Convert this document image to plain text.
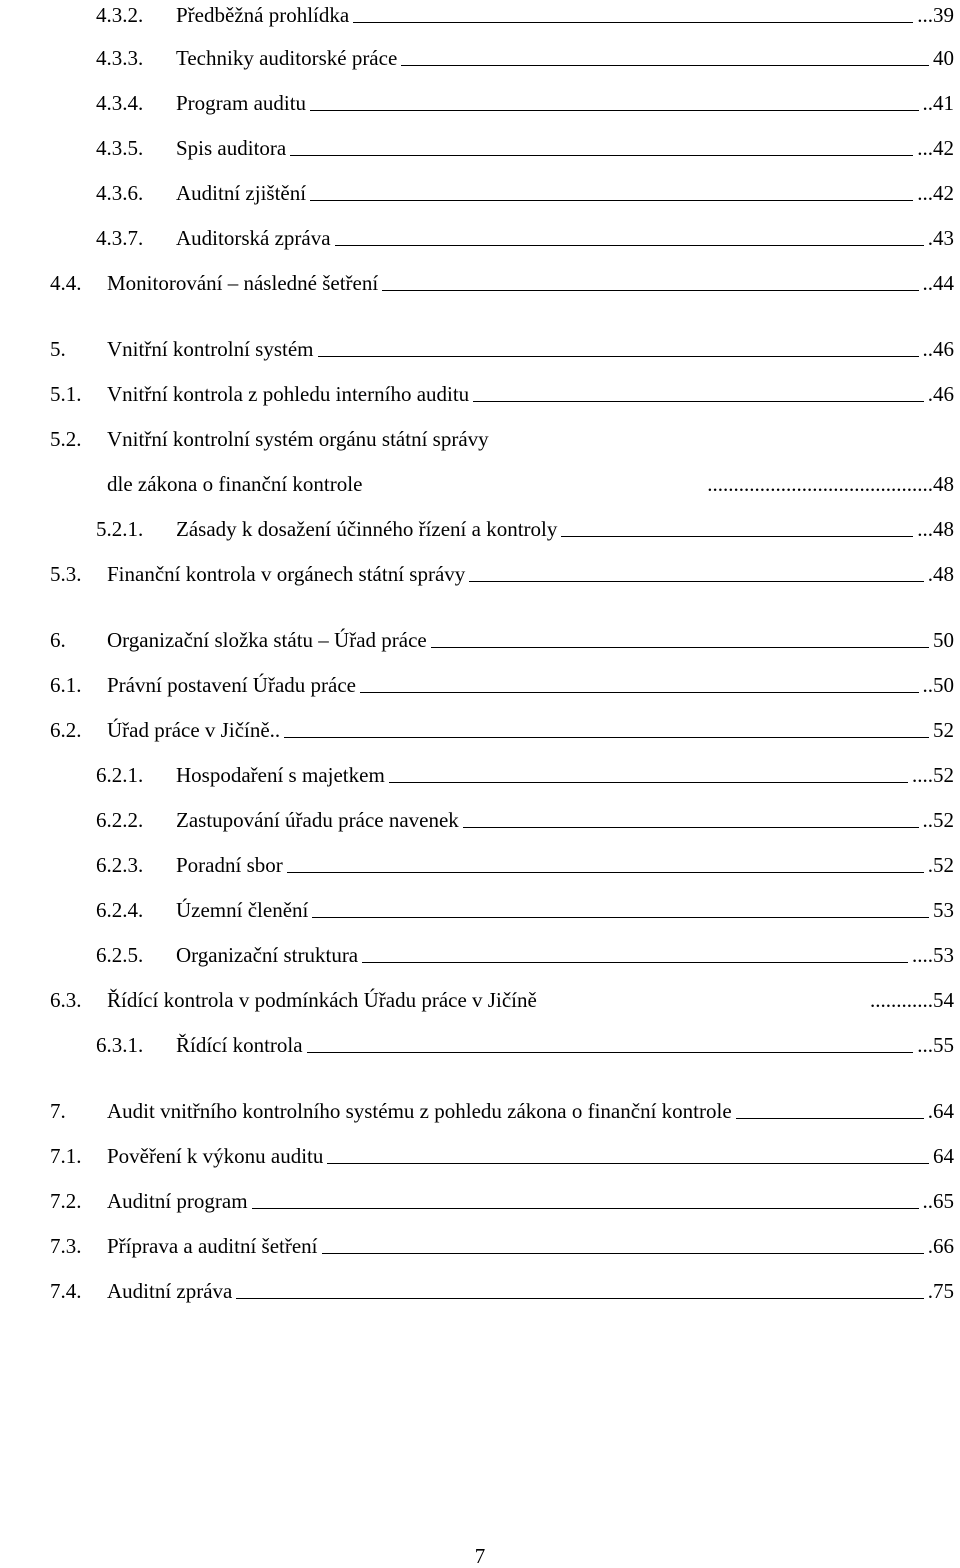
4.3.2. Předběžná prohlídka	...39
4.3.3. Techniky auditorské práce	40
4.3.4. Program auditu	..41
4.3.5. Spis auditora	...42
4.3.6. Auditní zjištění	...42
4.3.7. Auditorská zpráva	.43
4.4. Monitorování – následné šetření	..44
5. Vnitřní kontrolní systém	..46
5.1. Vnitřní kontrola z pohledu interního auditu	.46
5.2. Vnitřní kontrolní systém orgánu státní správy
dle zákona o finanční kontrole	...........................................48
5.2.1. Zásady k dosažení účinného řízení a kontroly	...48
5.3. Finanční kontrola v orgánech státní správy	.48
6. Organizační složka státu – Úřad práce	50
6.1. Právní postavení Úřadu práce	..50
6.2. Úřad práce v Jičíně..	52
6.2.1. Hospodaření s majetkem	....52
6.2.2. Zastupování úřadu práce navenek	..52
6.2.3. Poradní sbor	.52
6.2.4. Územní členění	53
6.2.5. Organizační struktura	....53
6.3. Řídící kontrola v podmínkách Úřadu práce v Jičíně	............54
6.3.1. Řídící kontrola	...55
7. Audit vnitřního kontrolního systému z pohledu zákona o finanční kontrole	.64
7.1. Pověření k výkonu auditu	64
7.2. Auditní program	..65
7.3. Příprava a auditní šetření	.66
7.4. Auditní zpráva	.75
7
